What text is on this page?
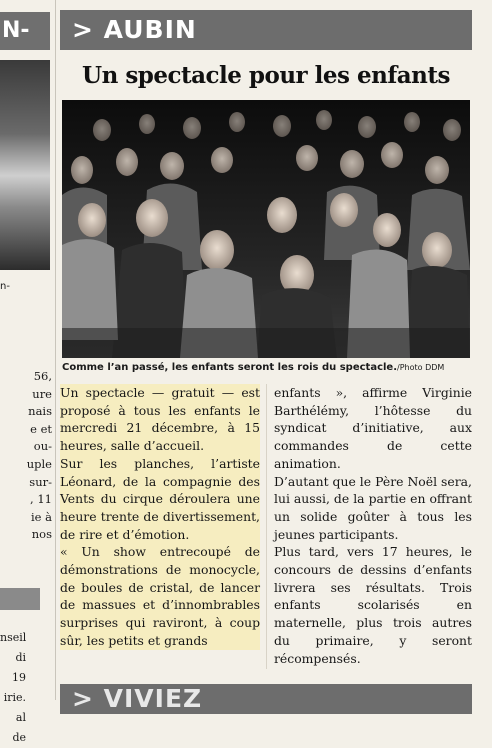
N-
n-
56,
ure
nais
e et
ou-
uple
sur-
, 11
ie à
nos
nseil
di 19
irie.
al de
> AUBIN
Un spectacle pour les enfants
Comme l’an passé, les enfants seront les rois du spectacle./Photo DDM

Un spectacle — gratuit — est proposé à tous les enfants le mercredi 21 décembre, à 15 heures, salle d’accueil.

Sur les planches, l’artiste Léonard, de la compagnie des Vents du cirque déroulera une heure trente de divertissement, de rire et d’émotion.

« Un show entrecoupé de démonstrations de monocycle, de boules de cristal, de lancer de massues et d’innombrables surprises qui raviront, à coup sûr, les petits et grands

enfants », affirme Virginie Barthélémy, l’hôtesse du syndicat d’initiative, aux commandes de cette animation.

D’autant que le Père Noël sera, lui aussi, de la partie en offrant un solide goûter à tous les jeunes participants.

Plus tard, vers 17 heures, le concours de dessins d’enfants livrera ses résultats. Trois enfants scolarisés en maternelle, plus trois autres du primaire, y seront récompensés.

> VIVIEZ
